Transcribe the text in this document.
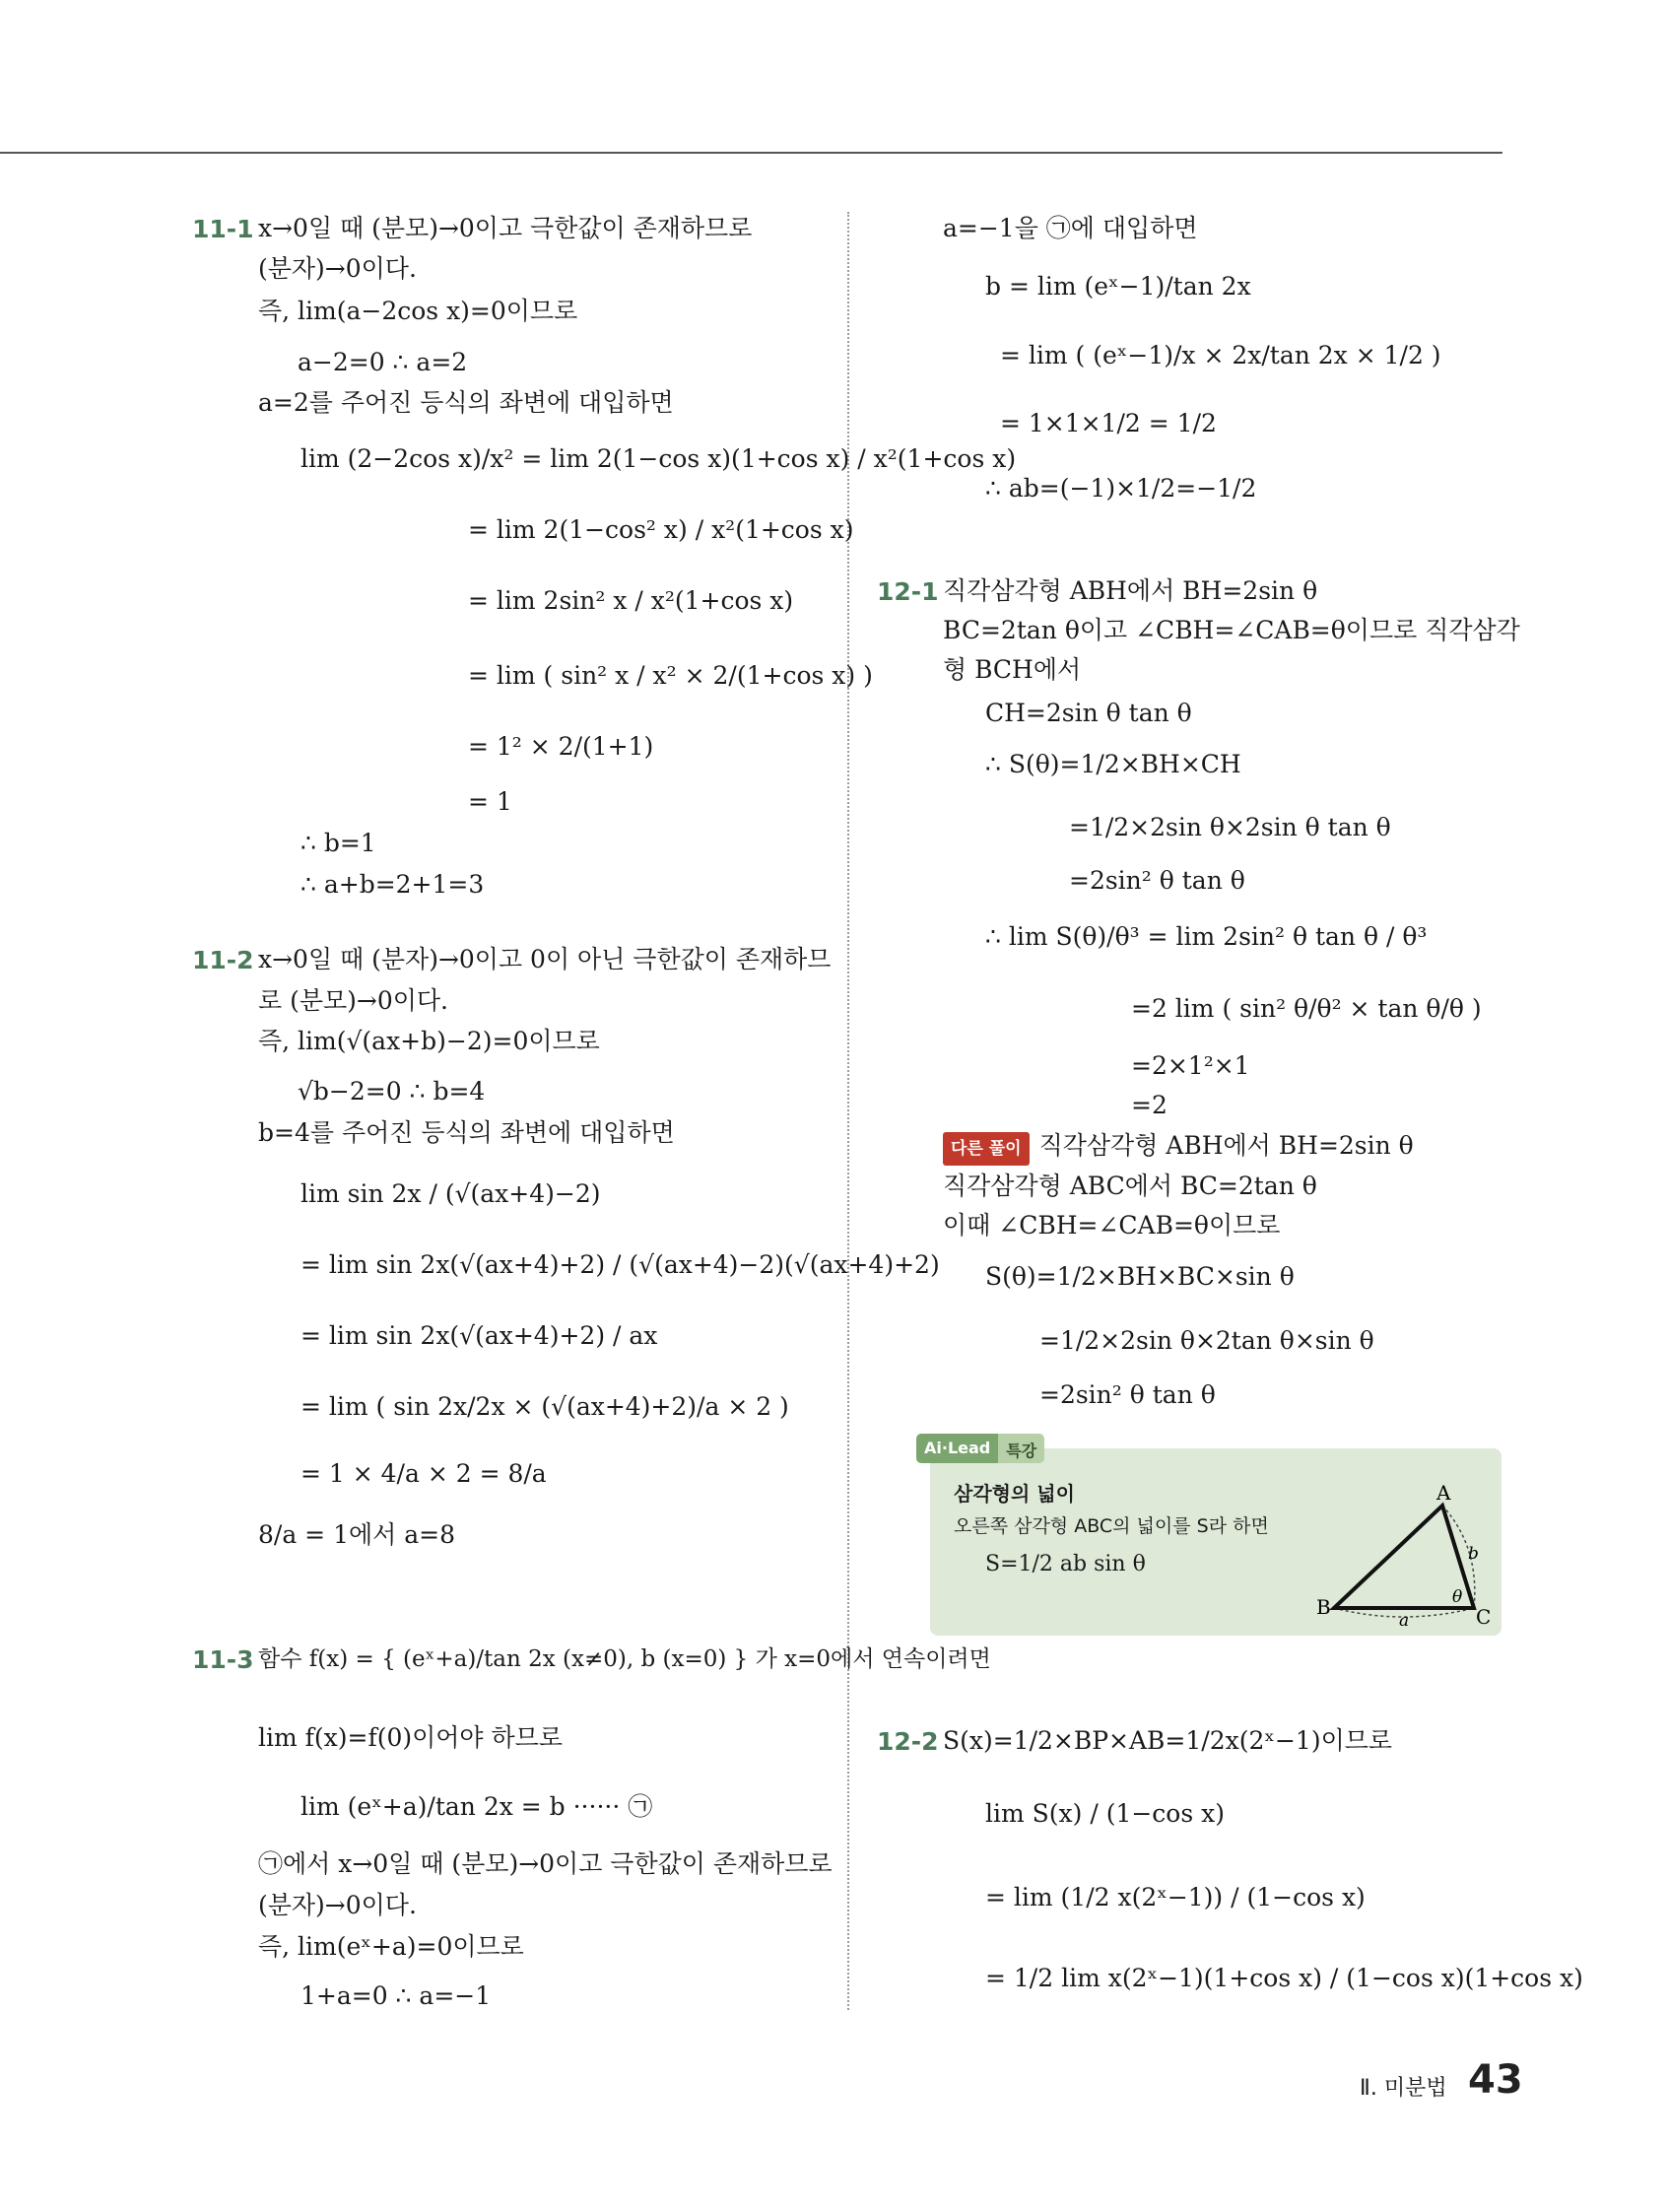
11-1 x→0일 때 (분모)→0이고 극한값이 존재하므로
(분자)→0이다.
즉, lim(a−2cos x)=0이므로
a−2=0 ∴ a=2
a=2를 주어진 등식의 좌변에 대입하면
lim (2−2cos x)/x² = lim 2(1−cos x)(1+cos x) / x²(1+cos x)
= lim 2(1−cos² x) / x²(1+cos x)
= lim 2sin² x / x²(1+cos x)
= lim ( sin² x / x² × 2/(1+cos x) )
= 1² × 2/(1+1)
= 1
∴ b=1
∴ a+b=2+1=3
11-2 x→0일 때 (분자)→0이고 0이 아닌 극한값이 존재하므
로 (분모)→0이다.
즉, lim(√(ax+b)−2)=0이므로
√b−2=0 ∴ b=4
b=4를 주어진 등식의 좌변에 대입하면
lim sin 2x / (√(ax+4)−2)
= lim sin 2x(√(ax+4)+2) / (√(ax+4)−2)(√(ax+4)+2)
= lim sin 2x(√(ax+4)+2) / ax
= lim ( sin 2x/2x × (√(ax+4)+2)/a × 2 )
= 1 × 4/a × 2 = 8/a
8/a = 1에서 a=8
11-3 함수 f(x) = { (eˣ+a)/tan 2x (x≠0), b (x=0) } 가 x=0에서 연속이려면
lim f(x)=f(0)이어야 하므로
lim (eˣ+a)/tan 2x = b ······ ㉠
㉠에서 x→0일 때 (분모)→0이고 극한값이 존재하므로
(분자)→0이다.
즉, lim(eˣ+a)=0이므로
1+a=0 ∴ a=−1
a=−1을 ㉠에 대입하면
b = lim (eˣ−1)/tan 2x
= lim ( (eˣ−1)/x × 2x/tan 2x × 1/2 )
= 1×1×1/2 = 1/2
∴ ab=(−1)×1/2=−1/2
12-1 직각삼각형 ABH에서 BH=2sin θ
BC=2tan θ이고 ∠CBH=∠CAB=θ이므로 직각삼각
형 BCH에서
CH=2sin θ tan θ
∴ S(θ)=1/2×BH×CH
=1/2×2sin θ×2sin θ tan θ
=2sin² θ tan θ
∴ lim S(θ)/θ³ = lim 2sin² θ tan θ / θ³
=2 lim ( sin² θ/θ² × tan θ/θ )
=2×1²×1
=2
다른 풀이 직각삼각형 ABH에서 BH=2sin θ
직각삼각형 ABC에서 BC=2tan θ
이때 ∠CBH=∠CAB=θ이므로
S(θ)=1/2×BH×BC×sin θ
=1/2×2sin θ×2tan θ×sin θ
=2sin² θ tan θ
삼각형의 넓이
오른쪽 삼각형 ABC의 넓이를 S라 하면
S=1/2 ab sin θ
A
B	C
a
b
θ
Ai·Lead	특강
12-2 S(x)=1/2×BP×AB=1/2x(2ˣ−1)이므로
lim S(x) / (1−cos x)
= lim (1/2 x(2ˣ−1)) / (1−cos x)
= 1/2 lim x(2ˣ−1)(1+cos x) / (1−cos x)(1+cos x)
Ⅱ. 미분법 43
